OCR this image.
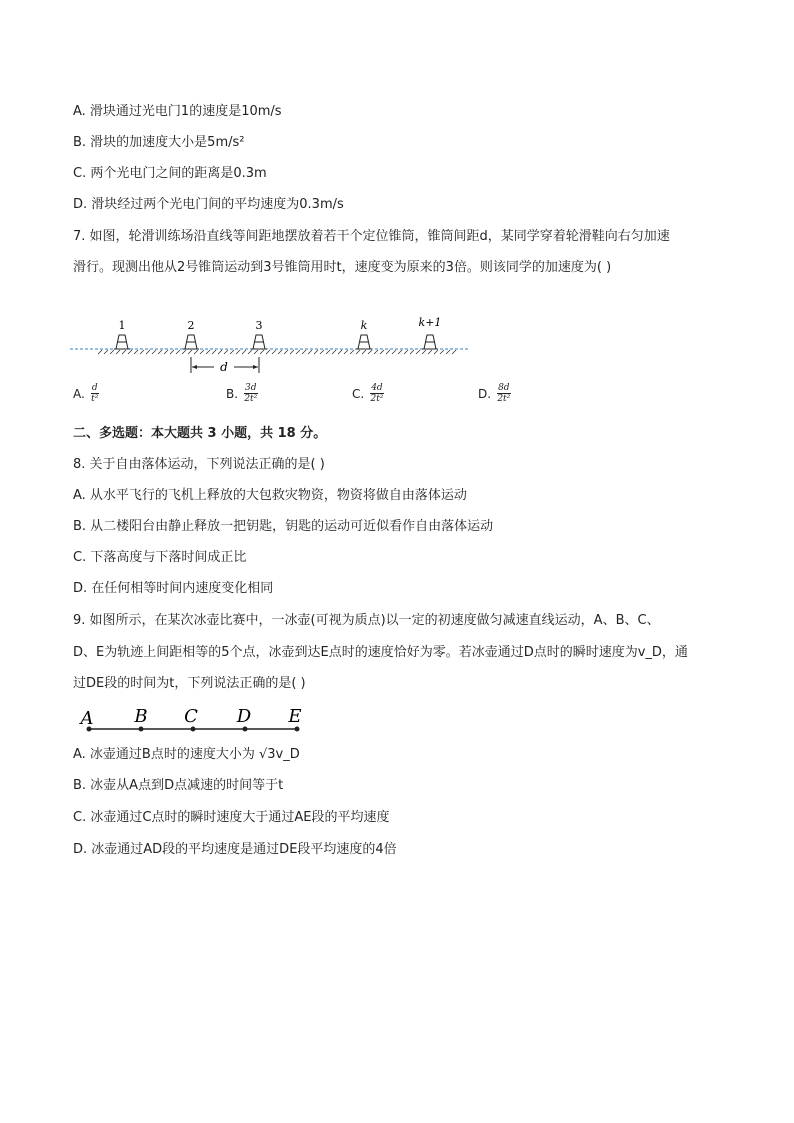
A. 滑块通过光电门1的速度是10m/s
B. 滑块的加速度大小是5m/s²
C. 两个光电门之间的距离是0.3m
D. 滑块经过两个光电门间的平均速度为0.3m/s
7. 如图，轮滑训练场沿直线等间距地摆放着若干个定位锥筒，锥筒间距d，某同学穿着轮滑鞋向右匀加速
滑行。现测出他从2号锥筒运动到3号锥筒用时t，速度变为原来的3倍。则该同学的加速度为( )
1	2	3	k	k+1
d
A. $\frac{d}{\text{t²}}$	B. $\frac{3d}{\text{2t²}}$	C. $\frac{4d}{\text{2t²}}$	D. $\frac{8d}{\text{2t²}}$
二、多选题：本大题共 3 小题，共 18 分。
8. 关于自由落体运动，下列说法正确的是( )
A. 从水平飞行的飞机上释放的大包救灾物资，物资将做自由落体运动
B. 从二楼阳台由静止释放一把钥匙，钥匙的运动可近似看作自由落体运动
C. 下落高度与下落时间成正比
D. 在任何相等时间内速度变化相同
9. 如图所示，在某次冰壶比赛中，一冰壶(可视为质点)以一定的初速度做匀减速直线运动，A、B、C、
D、E为轨迹上间距相等的5个点，冰壶到达E点时的速度恰好为零。若冰壶通过D点时的瞬时速度为v_D，通
过DE段的时间为t，下列说法正确的是( )
A B C D E
A. 冰壶通过B点时的速度大小为 √3v_D
B. 冰壶从A点到D点减速的时间等于t
C. 冰壶通过C点时的瞬时速度大于通过AE段的平均速度
D. 冰壶通过AD段的平均速度是通过DE段平均速度的4倍
